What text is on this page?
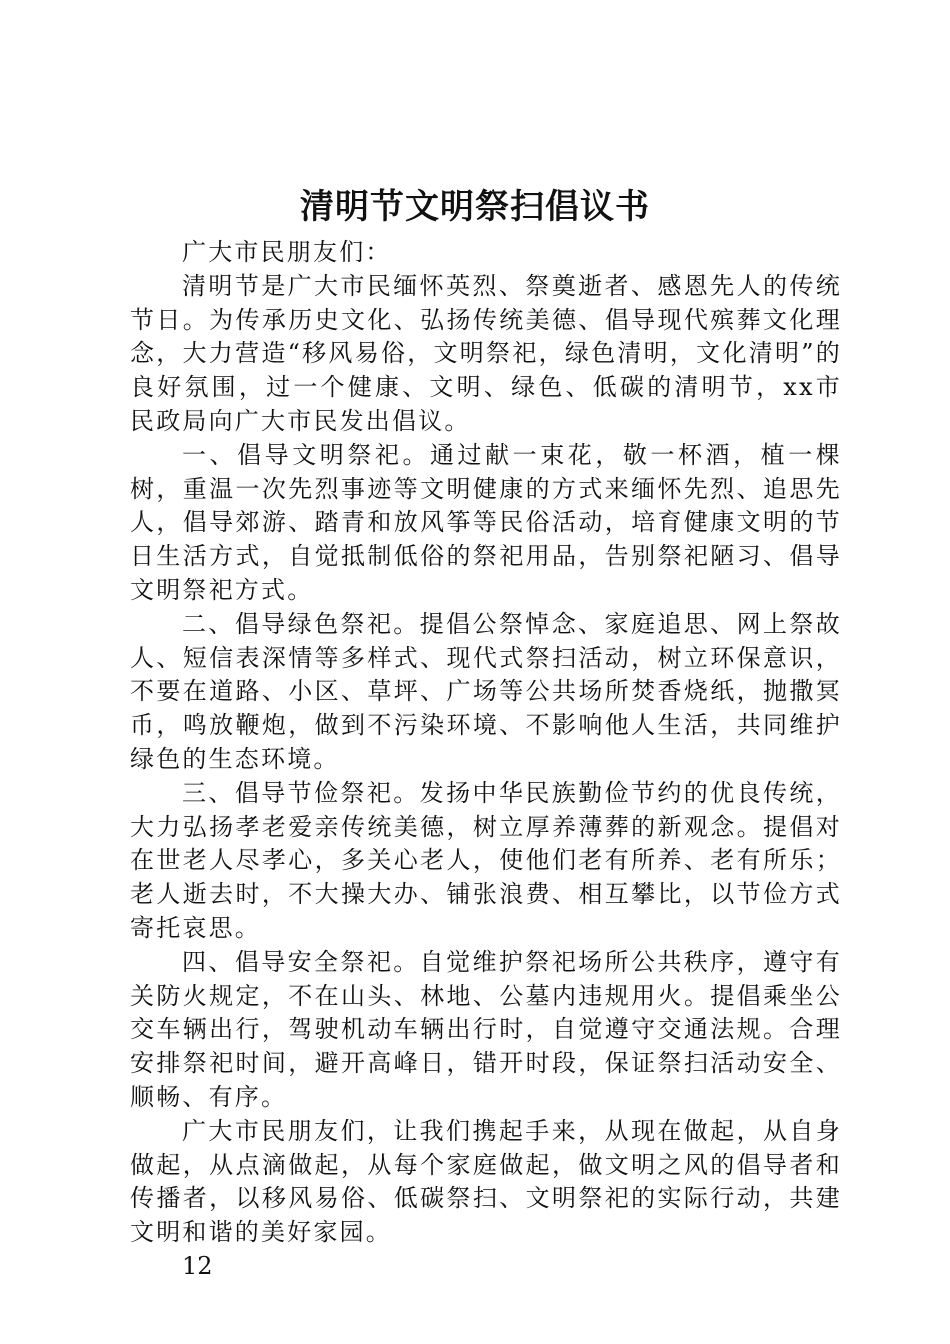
清明节文明祭扫倡议书

广大市民朋友们：

清明节是广大市民缅怀英烈、祭奠逝者、感恩先人的传统节日。为传承历史文化、弘扬传统美德、倡导现代殡葬文化理念，大力营造“移风易俗，文明祭祀，绿色清明，文化清明”的良好氛围，过一个健康、文明、绿色、低碳的清明节，xx市民政局向广大市民发出倡议。

一、倡导文明祭祀。通过献一束花，敬一杯酒，植一棵树，重温一次先烈事迹等文明健康的方式来缅怀先烈、追思先人，倡导郊游、踏青和放风筝等民俗活动，培育健康文明的节日生活方式，自觉抵制低俗的祭祀用品，告别祭祀陋习、倡导文明祭祀方式。

二、倡导绿色祭祀。提倡公祭悼念、家庭追思、网上祭故人、短信表深情等多样式、现代式祭扫活动，树立环保意识，不要在道路、小区、草坪、广场等公共场所焚香烧纸，抛撒冥币，鸣放鞭炮，做到不污染环境、不影响他人生活，共同维护绿色的生态环境。

三、倡导节俭祭祀。发扬中华民族勤俭节约的优良传统，大力弘扬孝老爱亲传统美德，树立厚养薄葬的新观念。提倡对在世老人尽孝心，多关心老人，使他们老有所养、老有所乐；老人逝去时，不大操大办、铺张浪费、相互攀比，以节俭方式寄托哀思。

四、倡导安全祭祀。自觉维护祭祀场所公共秩序，遵守有关防火规定，不在山头、林地、公墓内违规用火。提倡乘坐公交车辆出行，驾驶机动车辆出行时，自觉遵守交通法规。合理安排祭祀时间，避开高峰日，错开时段，保证祭扫活动安全、顺畅、有序。

广大市民朋友们，让我们携起手来，从现在做起，从自身做起，从点滴做起，从每个家庭做起，做文明之风的倡导者和传播者，以移风易俗、低碳祭扫、文明祭祀的实际行动，共建文明和谐的美好家园。

12
